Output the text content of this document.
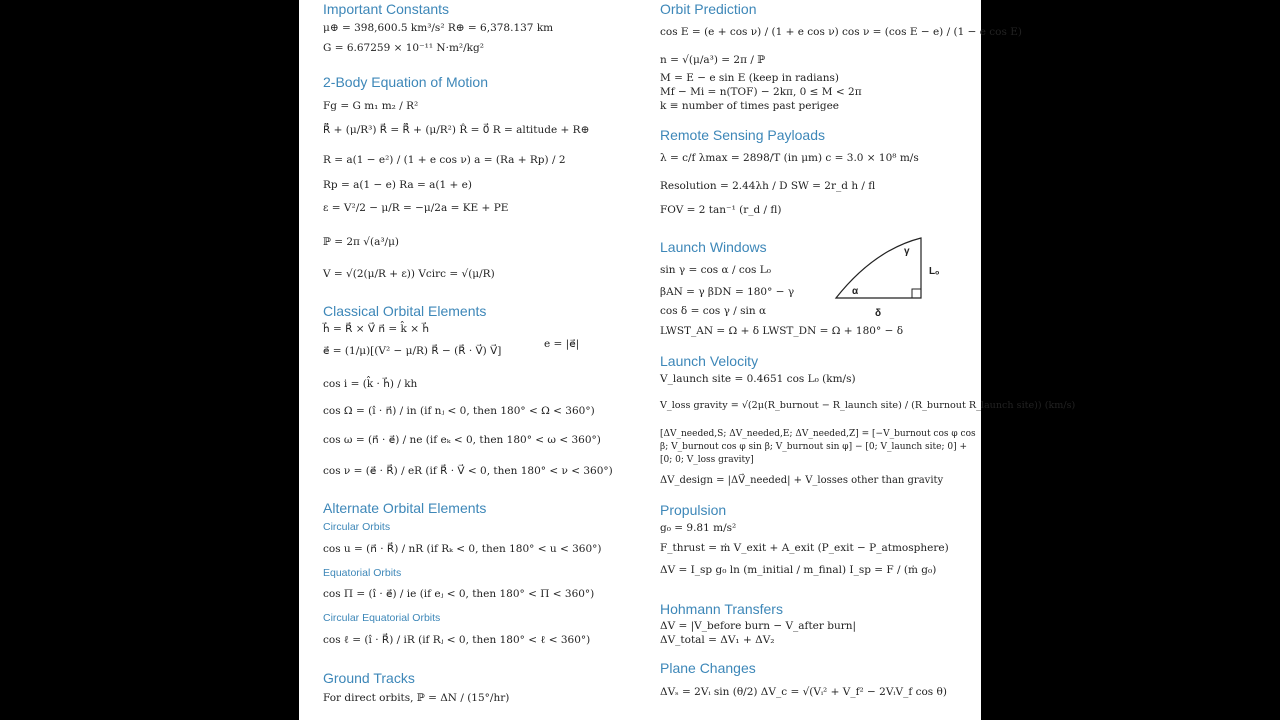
Important Constants
μ⊕ = 398,600.5 km³/s² R⊕ = 6,378.137 km
G = 6.67259 × 10⁻¹¹ N·m²/kg²
2-Body Equation of Motion
Fg = G m₁ m₂ / R²
R⃗̈ + (μ/R³) R⃗ = R⃗̈ + (μ/R²) R̂ = 0⃗ R = altitude + R⊕
R = a(1 − e²) / (1 + e cos ν) a = (Ra + Rp) / 2
Rp = a(1 − e) Ra = a(1 + e)
ε = V²/2 − μ/R = −μ/2a = KE + PE
ℙ = 2π √(a³/μ)
V = √(2(μ/R + ε)) Vcirc = √(μ/R)
Classical Orbital Elements
h⃗ = R⃗ × V⃗ n⃗ = k̂ × h⃗
e = |e⃗|
e⃗ = (1/μ)[(V² − μ/R) R⃗ − (R⃗ · V⃗) V⃗]
cos i = (k̂ · h⃗) / kh
cos Ω = (î · n⃗) / in (if nⱼ < 0, then 180° < Ω < 360°)
cos ω = (n⃗ · e⃗) / ne (if eₖ < 0, then 180° < ω < 360°)
cos ν = (e⃗ · R⃗) / eR (if R⃗ · V⃗ < 0, then 180° < ν < 360°)
Alternate Orbital Elements
Circular Orbits
cos u = (n⃗ · R⃗) / nR (if Rₖ < 0, then 180° < u < 360°)
Equatorial Orbits
cos Π = (î · e⃗) / ie (if eⱼ < 0, then 180° < Π < 360°)
Circular Equatorial Orbits
cos ℓ = (î · R⃗) / iR (if Rⱼ < 0, then 180° < ℓ < 360°)
Ground Tracks
For direct orbits, ℙ = ΔN / (15°/hr)
Orbit Prediction
cos E = (e + cos ν) / (1 + e cos ν) cos ν = (cos E − e) / (1 − e cos E)
n = √(μ/a³) = 2π / ℙ
M = E − e sin E (keep in radians)
Mf − Mi = n(TOF) − 2kπ, 0 ≤ M < 2π
k ≡ number of times past perigee
Remote Sensing Payloads
λ = c/f λmax = 2898/T (in μm) c = 3.0 × 10⁸ m/s
Resolution = 2.44λh / D SW = 2r_d h / fl
FOV = 2 tan⁻¹ (r_d / fl)
Launch Windows
sin γ = cos α / cos L₀
βAN = γ βDN = 180° − γ
cos δ = cos γ / sin α
LWST_AN = Ω + δ LWST_DN = Ω + 180° − δ
γ
Lₒ
α
δ
Launch Velocity
V_launch site = 0.4651 cos L₀ (km/s)
V_loss gravity = √(2μ(R_burnout − R_launch site) / (R_burnout R_launch site)) (km/s)
[ΔV_needed,S; ΔV_needed,E; ΔV_needed,Z] = [−V_burnout cos φ cos β; V_burnout cos φ sin β; V_burnout sin φ] − [0; V_launch site; 0] + [0; 0; V_loss gravity]
ΔV_design = |ΔV⃗_needed| + V_losses other than gravity
Propulsion
g₀ = 9.81 m/s²
F_thrust = ṁ V_exit + A_exit (P_exit − P_atmosphere)
ΔV = I_sp g₀ ln (m_initial / m_final) I_sp = F / (ṁ g₀)
Hohmann Transfers
ΔV = |V_before burn − V_after burn|
ΔV_total = ΔV₁ + ΔV₂
Plane Changes
ΔVₛ = 2Vᵢ sin (θ/2) ΔV_c = √(Vᵢ² + V_f² − 2VᵢV_f cos θ)
